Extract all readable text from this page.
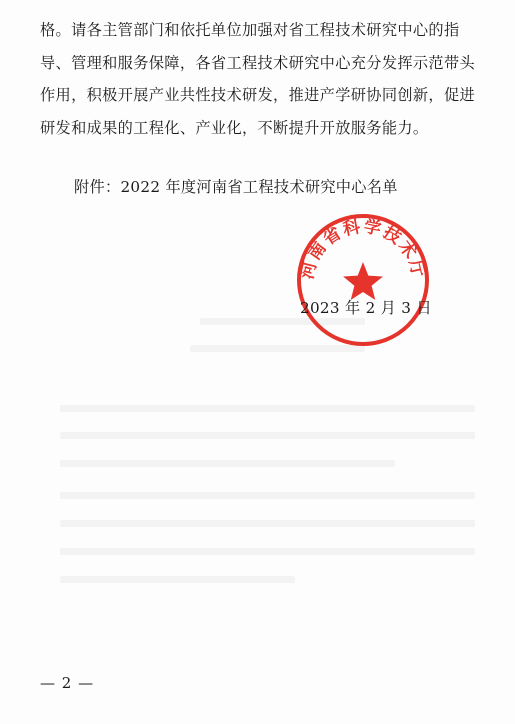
格。请各主管部门和依托单位加强对省工程技术研究中心的指
导、管理和服务保障，各省工程技术研究中心充分发挥示范带头
作用，积极开展产业共性技术研发，推进产学研协同创新，促进
研发和成果的工程化、产业化，不断提升开放服务能力。
附件：2022 年度河南省工程技术研究中心名单
河南省科学技术厅
2023 年 2 月 3 日
— 2 —
